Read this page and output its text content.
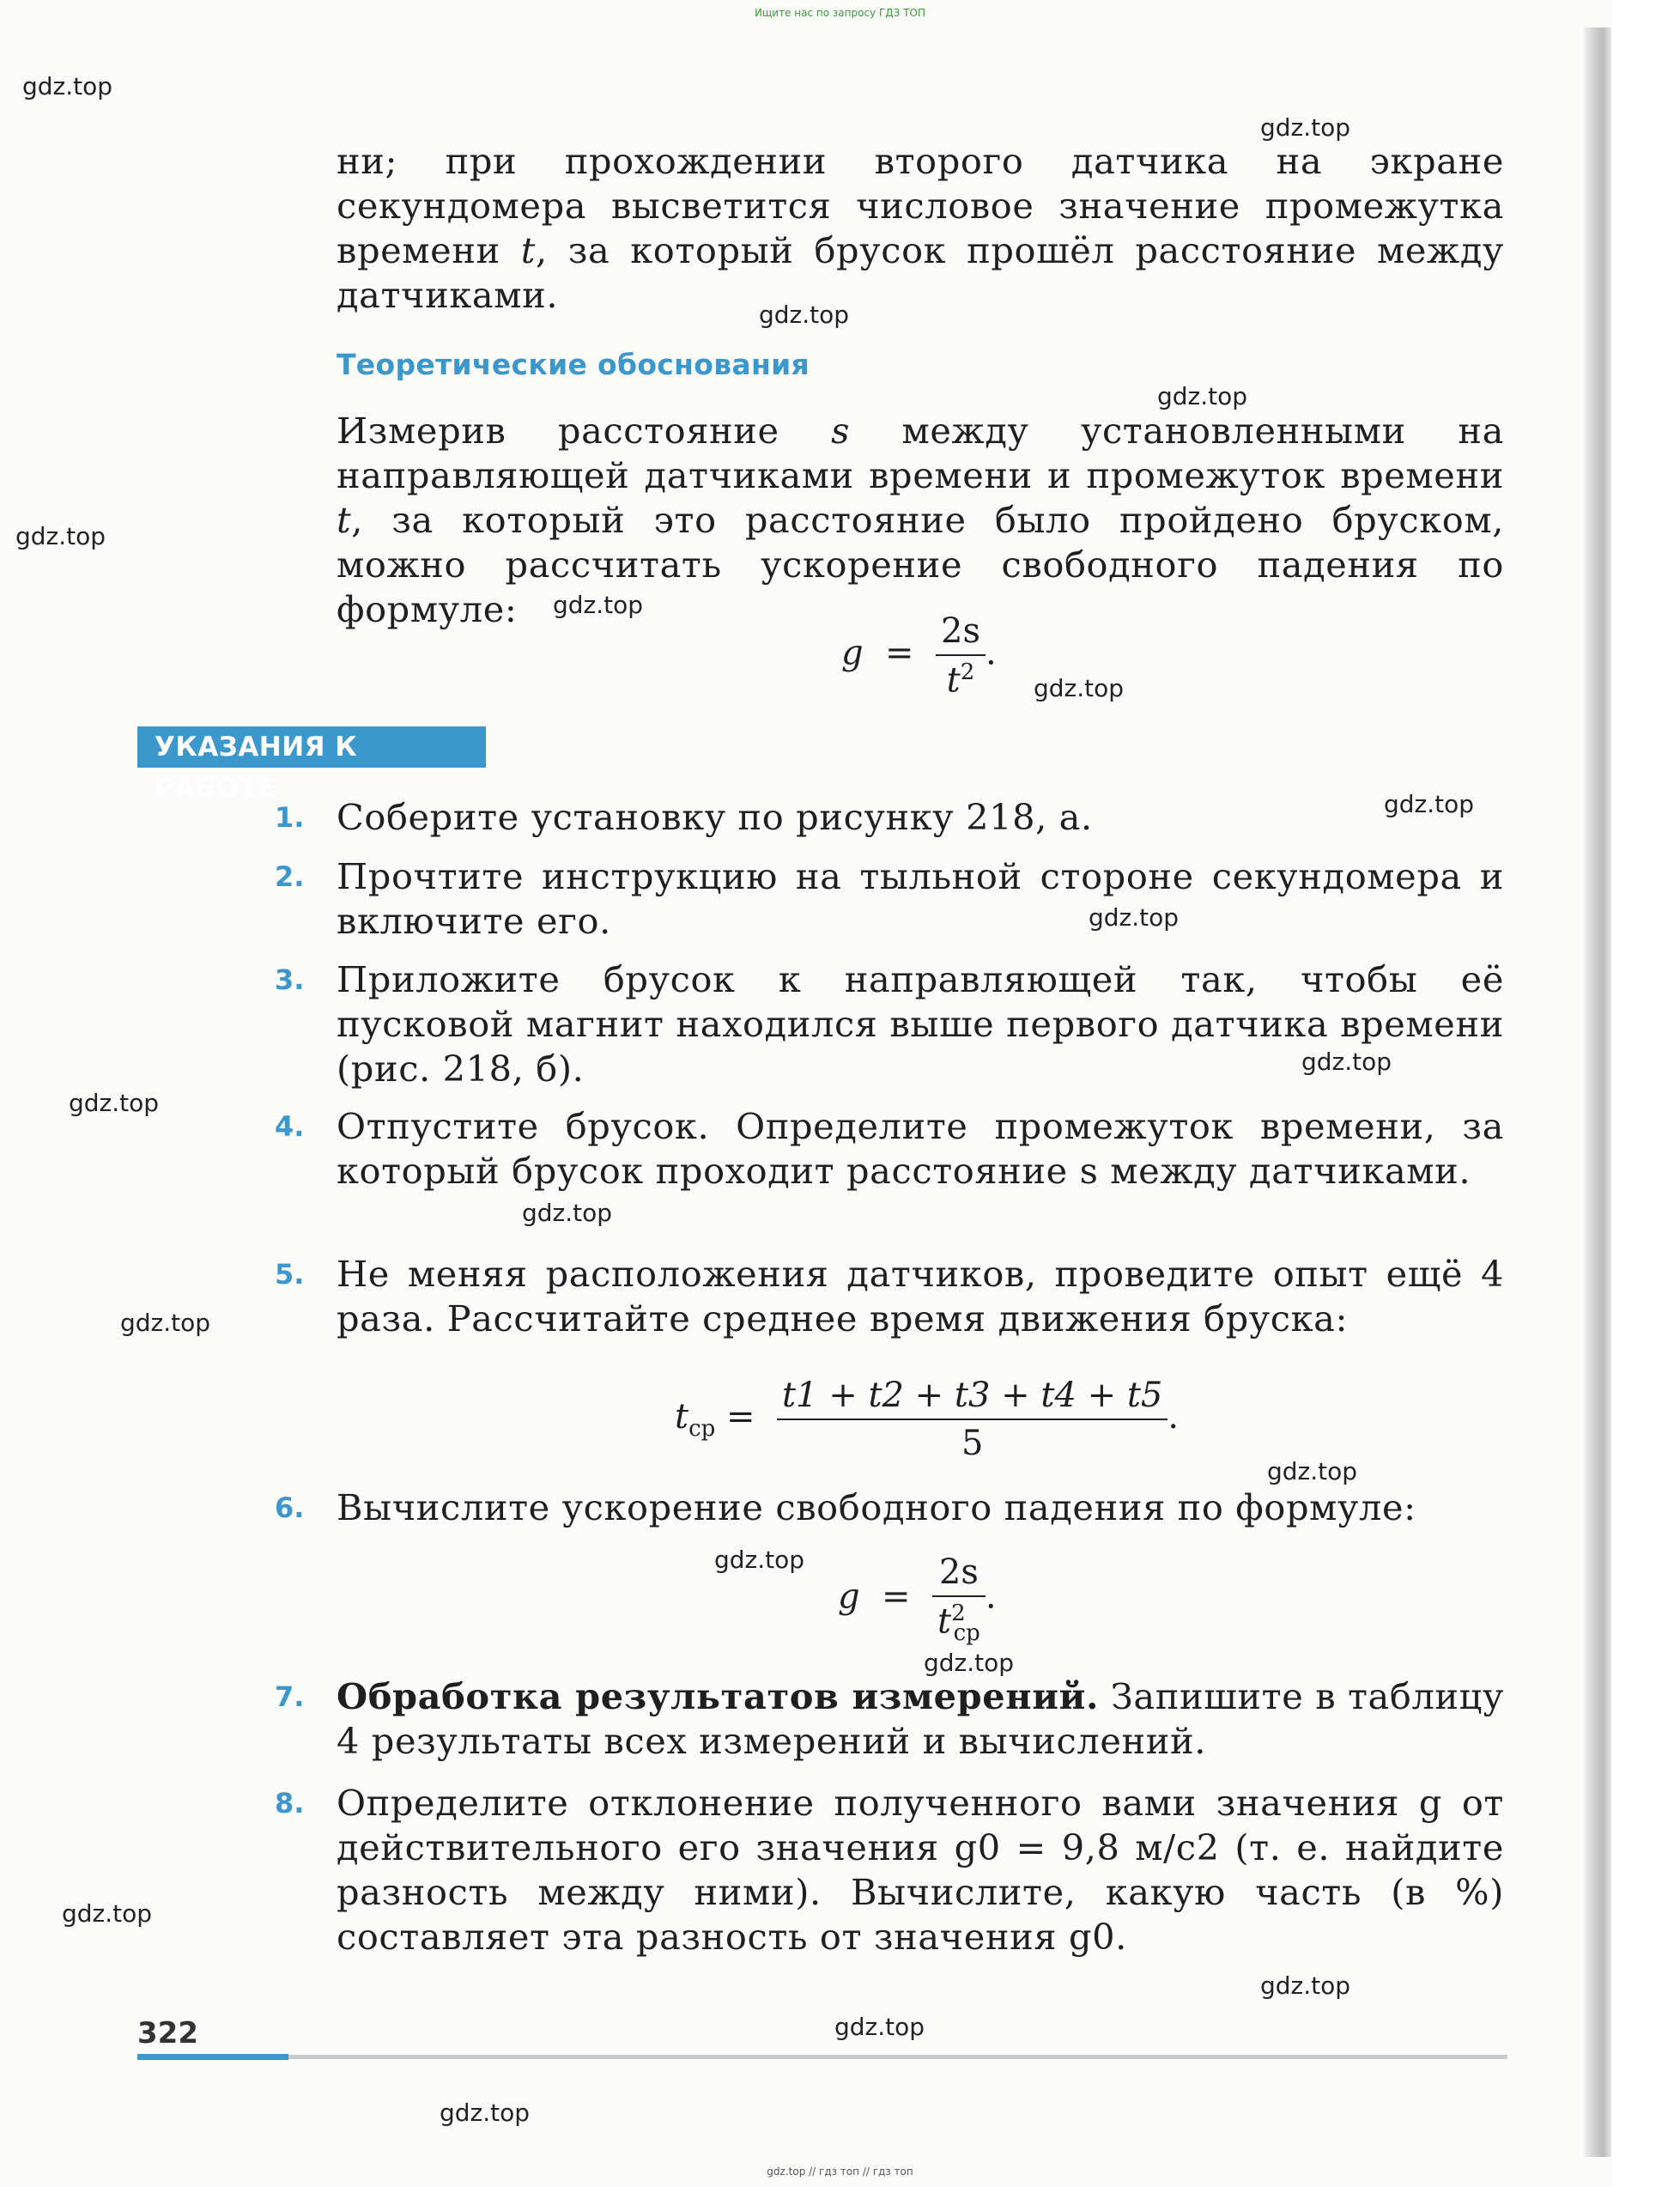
Ищите нас по запросу ГДЗ ТОП
ни; при прохождении второго датчика на экране секундомера высветится числовое значение промежутка времени t, за который брусок прошёл расстояние между датчиками.
Теоретические обоснования
Измерив расстояние s между установленными на направляющей датчиками времени и промежуток времени t, за который это расстояние было пройдено бруском, можно рассчитать ускорение свободного падения по формуле:
$g = \frac{2s}{t^2}$ .
УКАЗАНИЯ К РАБОТЕ
1. Соберите установку по рисунку 218, а.
2. Прочтите инструкцию на тыльной стороне секундомера и включите его.
3. Приложите брусок к направляющей так, чтобы её пусковой магнит находился выше первого датчика времени (рис. 218, б).
4. Отпустите брусок. Определите промежуток времени, за который брусок проходит расстояние s между датчиками.
5. Не меняя расположения датчиков, проведите опыт ещё 4 раза. Рассчитайте среднее время движения бруска:
$t_{ср} = \frac{t1 + t2 + t3 + t4 + t5}{5}$ .
6. Вычислите ускорение свободного падения по формуле:
$g = \frac{2s}{t^2_{ср}}$ .
7. Обработка результатов измерений. Запишите в таблицу 4 результаты всех измерений и вычислений.
8. Определите отклонение полученного вами значения g от действительного его значения g0 = 9,8 м/с2 (т. е. найдите разность между ними). Вычислите, какую часть (в %) составляет эта разность от значения g0.
322
gdz.top
gdz.top
gdz.top
gdz.top
gdz.top
gdz.top
gdz.top
gdz.top
gdz.top
gdz.top
gdz.top
gdz.top
gdz.top
gdz.top
gdz.top
gdz.top
gdz.top
gdz.top
gdz.top
gdz.top
gdz.top // гдз топ // гдз топ
